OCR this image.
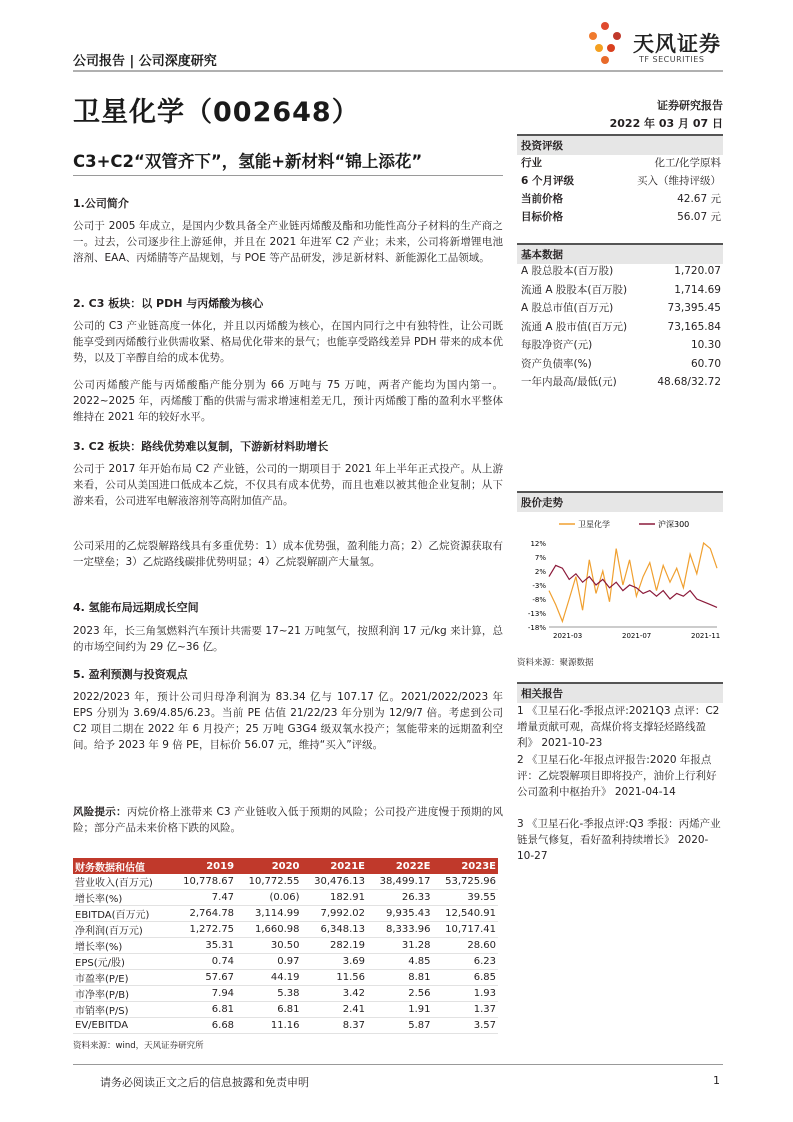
公司报告 | 公司深度研究
天风证券
TF SECURITIES
卫星化学（002648）	证券研究报告
2022 年 03 月 07 日
C3+C2“双管齐下”，氢能+新材料“锦上添花”
1.公司简介
公司于 2005 年成立，是国内少数具备全产业链丙烯酸及酯和功能性高分子材料的生产商之一。过去，公司逐步往上游延伸，并且在 2021 年进军 C2 产业；未来，公司将新增锂电池溶剂、EAA、丙烯腈等产品规划，与 POE 等产品研发，涉足新材料、新能源化工品领域。
2. C3 板块：以 PDH 与丙烯酸为核心
公司的 C3 产业链高度一体化，并且以丙烯酸为核心，在国内同行之中有独特性，让公司既能享受到丙烯酸行业供需收紧、格局优化带来的景气；也能享受路线差异 PDH 带来的成本优势，以及丁辛醇自给的成本优势。
公司丙烯酸产能与丙烯酸酯产能分别为 66 万吨与 75 万吨，两者产能均为国内第一。2022~2025 年，丙烯酸丁酯的供需与需求增速相差无几，预计丙烯酸丁酯的盈利水平整体维持在 2021 年的较好水平。
3. C2 板块：路线优势难以复制，下游新材料助增长
公司于 2017 年开始布局 C2 产业链，公司的一期项目于 2021 年上半年正式投产。从上游来看，公司从美国进口低成本乙烷，不仅具有成本优势，而且也难以被其他企业复制；从下游来看，公司进军电解液溶剂等高附加值产品。
公司采用的乙烷裂解路线具有多重优势：1）成本优势强，盈利能力高；2）乙烷资源获取有一定壁垒；3）乙烷路线碳排优势明显；4）乙烷裂解副产大量氢。
4. 氢能布局远期成长空间
2023 年，长三角氢燃料汽车预计共需要 17~21 万吨氢气，按照利润 17 元/kg 来计算，总的市场空间约为 29 亿~36 亿。
5. 盈利预测与投资观点
2022/2023 年，预计公司归母净利润为 83.34 亿与 107.17 亿。2021/2022/2023 年 EPS 分别为 3.69/4.85/6.23。当前 PE 估值 21/22/23 年分别为 12/9/7 倍。考虑到公司 C2 项目二期在 2022 年 6 月投产；25 万吨 G3G4 级双氧水投产；氢能带来的远期盈利空间。给予 2023 年 9 倍 PE，目标价 56.07 元，维持“买入”评级。
风险提示：丙烷价格上涨带来 C3 产业链收入低于预期的风险；公司投产进度慢于预期的风险；部分产品未来价格下跌的风险。
财务数据和估值	2019	2020	2021E	2022E	2023E
营业收入(百万元)	10,778.67	10,772.55	30,476.13	38,499.17	53,725.96
增长率(%)	7.47	(0.06)	182.91	26.33	39.55
EBITDA(百万元)	2,764.78	3,114.99	7,992.02	9,935.43	12,540.91
净利润(百万元)	1,272.75	1,660.98	6,348.13	8,333.96	10,717.41
增长率(%)	35.31	30.50	282.19	31.28	28.60
EPS(元/股)	0.74	0.97	3.69	4.85	6.23
市盈率(P/E)	57.67	44.19	11.56	8.81	6.85
市净率(P/B)	7.94	5.38	3.42	2.56	1.93
市销率(P/S)	6.81	6.81	2.41	1.91	1.37
EV/EBITDA	6.68	11.16	8.37	5.87	3.57
资料来源：wind，天风证券研究所
投资评级
行业	化工/化学原料
6 个月评级	买入（维持评级）
当前价格	42.67 元
目标价格	56.07 元
基本数据
A 股总股本(百万股)	1,720.07
流通 A 股股本(百万股)	1,714.69
A 股总市值(百万元)	73,395.45
流通 A 股市值(百万元)	73,165.84
每股净资产(元)	10.30
资产负债率(%)	60.70
一年内最高/最低(元)	48.68/32.72
股价走势
卫星化学	沪深300
12%
7%
2%
-3%
-8%
-13%
-18%
2021-03	2021-07	2021-11
资料来源：聚源数据
相关报告
1 《卫星石化-季报点评:2021Q3 点评：C2 增量贡献可观，高煤价将支撑轻烃路线盈利》 2021-10-23
2 《卫星石化-年报点评报告:2020 年报点评：乙烷裂解项目即将投产，油价上行利好公司盈利中枢抬升》 2021-04-14
3 《卫星石化-季报点评:Q3 季报：丙烯产业链景气修复，看好盈利持续增长》 2020-10-27
请务必阅读正文之后的信息披露和免责申明	1
